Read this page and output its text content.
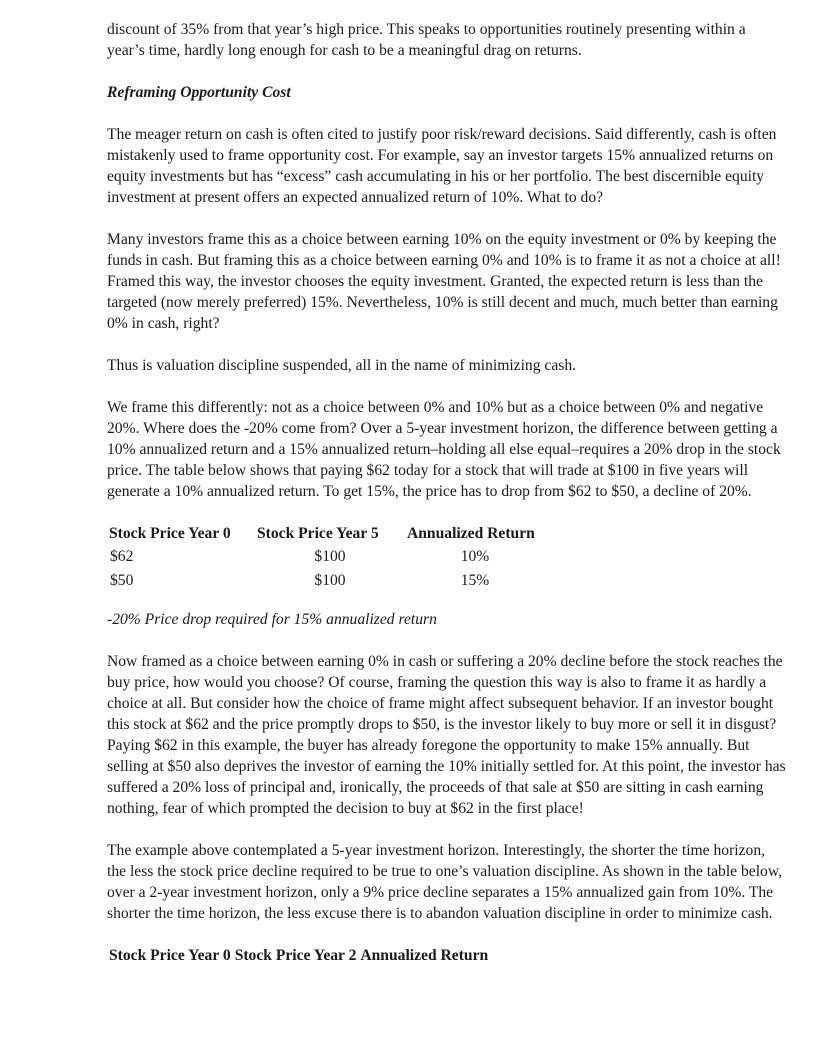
discount of 35% from that year’s high price. This speaks to opportunities routinely presenting within a year’s time, hardly long enough for cash to be a meaningful drag on returns.

Reframing Opportunity Cost

The meager return on cash is often cited to justify poor risk/reward decisions. Said differently, cash is often mistakenly used to frame opportunity cost. For example, say an investor targets 15% annualized returns on equity investments but has “excess” cash accumulating in his or her portfolio. The best discernible equity investment at present offers an expected annualized return of 10%. What to do?

Many investors frame this as a choice between earning 10% on the equity investment or 0% by keeping the funds in cash. But framing this as a choice between earning 0% and 10% is to frame it as not a choice at all! Framed this way, the investor chooses the equity investment. Granted, the expected return is less than the targeted (now merely preferred) 15%. Nevertheless, 10% is still decent and much, much better than earning 0% in cash, right?

Thus is valuation discipline suspended, all in the name of minimizing cash.

We frame this differently: not as a choice between 0% and 10% but as a choice between 0% and negative 20%. Where does the -20% come from? Over a 5-year investment horizon, the difference between getting a 10% annualized return and a 15% annualized return–holding all else equal–requires a 20% drop in the stock price. The table below shows that paying $62 today for a stock that will trade at $100 in five years will generate a 10% annualized return. To get 15%, the price has to drop from $62 to $50, a decline of 20%.

Stock Price Year 0	Stock Price Year 5	Annualized Return
$62	$100	10%
$50	$100	15%

-20% Price drop required for 15% annualized return

Now framed as a choice between earning 0% in cash or suffering a 20% decline before the stock reaches the buy price, how would you choose? Of course, framing the question this way is also to frame it as hardly a choice at all. But consider how the choice of frame might affect subsequent behavior. If an investor bought this stock at $62 and the price promptly drops to $50, is the investor likely to buy more or sell it in disgust? Paying $62 in this example, the buyer has already foregone the opportunity to make 15% annually. But selling at $50 also deprives the investor of earning the 10% initially settled for. At this point, the investor has suffered a 20% loss of principal and, ironically, the proceeds of that sale at $50 are sitting in cash earning nothing, fear of which prompted the decision to buy at $62 in the first place!

The example above contemplated a 5-year investment horizon. Interestingly, the shorter the time horizon, the less the stock price decline required to be true to one’s valuation discipline. As shown in the table below, over a 2-year investment horizon, only a 9% price decline separates a 15% annualized gain from 10%. The shorter the time horizon, the less excuse there is to abandon valuation discipline in order to minimize cash.

Stock Price Year 0	Stock Price Year 2	Annualized Return
